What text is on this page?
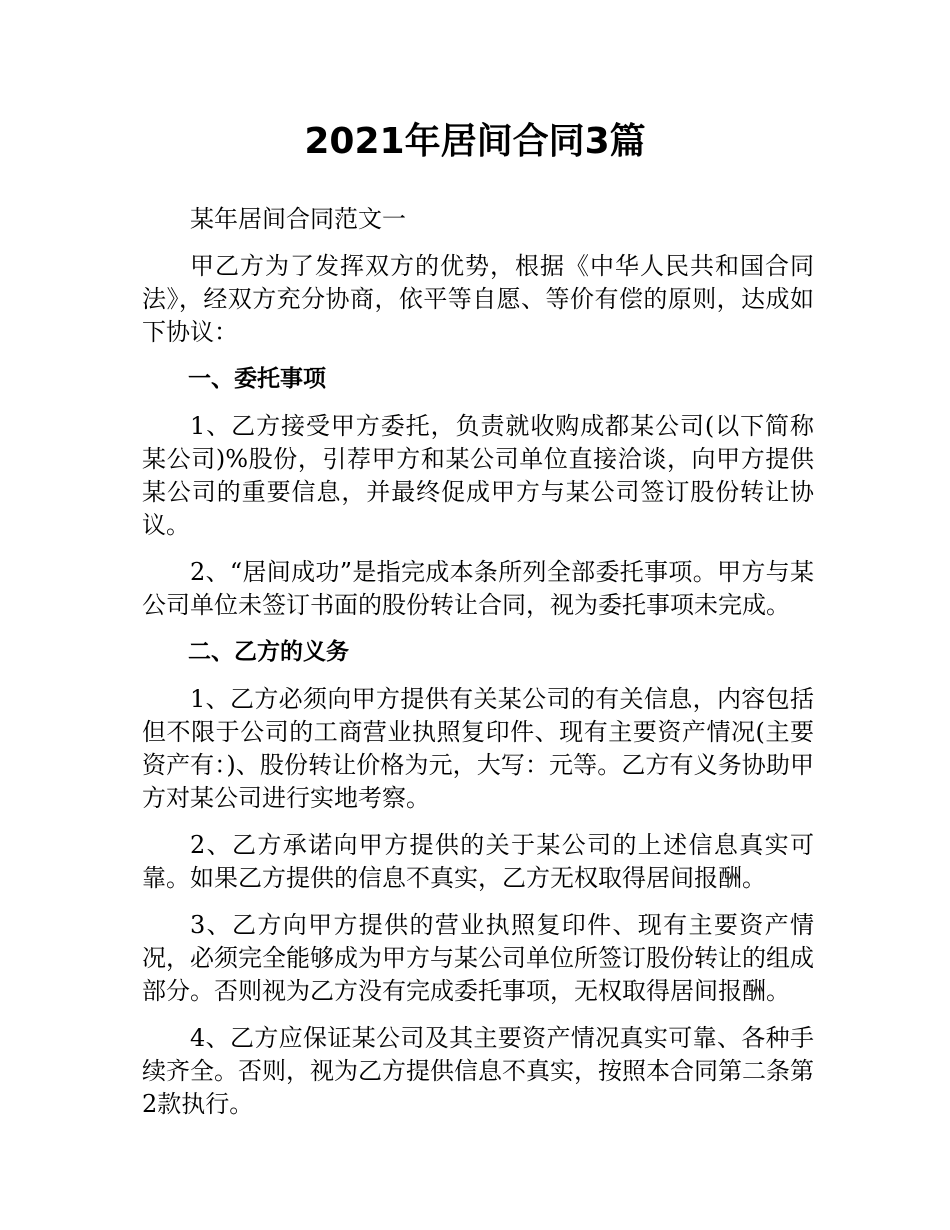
2021年居间合同3篇

某年居间合同范文一

甲乙方为了发挥双方的优势，根据《中华人民共和国合同法》，经双方充分协商，依平等自愿、等价有偿的原则，达成如下协议：

一、委托事项

1、乙方接受甲方委托，负责就收购成都某公司(以下简称某公司)%股份，引荐甲方和某公司单位直接洽谈，向甲方提供某公司的重要信息，并最终促成甲方与某公司签订股份转让协议。

2、“居间成功”是指完成本条所列全部委托事项。甲方与某公司单位未签订书面的股份转让合同，视为委托事项未完成。

二、乙方的义务

1、乙方必须向甲方提供有关某公司的有关信息，内容包括但不限于公司的工商营业执照复印件、现有主要资产情况(主要资产有：)、股份转让价格为元，大写：元等。乙方有义务协助甲方对某公司进行实地考察。

2、乙方承诺向甲方提供的关于某公司的上述信息真实可靠。如果乙方提供的信息不真实，乙方无权取得居间报酬。

3、乙方向甲方提供的营业执照复印件、现有主要资产情况，必须完全能够成为甲方与某公司单位所签订股份转让的组成部分。否则视为乙方没有完成委托事项，无权取得居间报酬。

4、乙方应保证某公司及其主要资产情况真实可靠、各种手续齐全。否则，视为乙方提供信息不真实，按照本合同第二条第2款执行。
